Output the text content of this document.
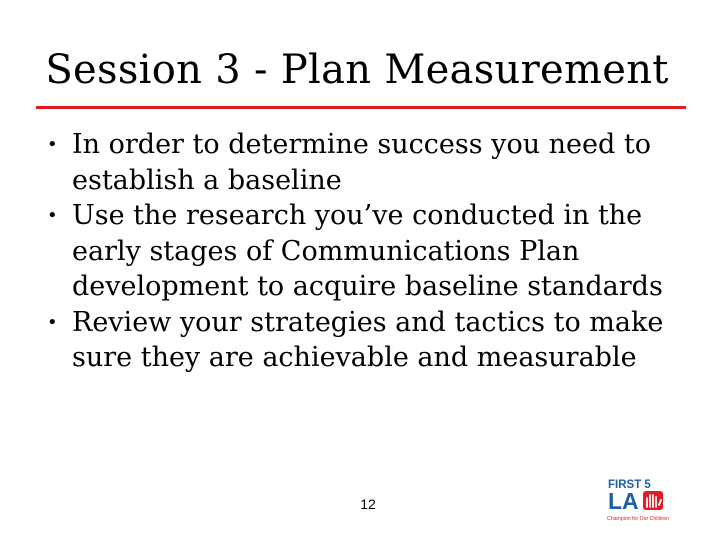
Session 3 - Plan Measurement
• In order to determine success you need to establish a baseline
• Use the research you’ve conducted in the early stages of Communications Plan development to acquire baseline standards
• Review your strategies and tactics to make sure they are achievable and measurable
12
FIRST 5
LA
Champion for Our Children
